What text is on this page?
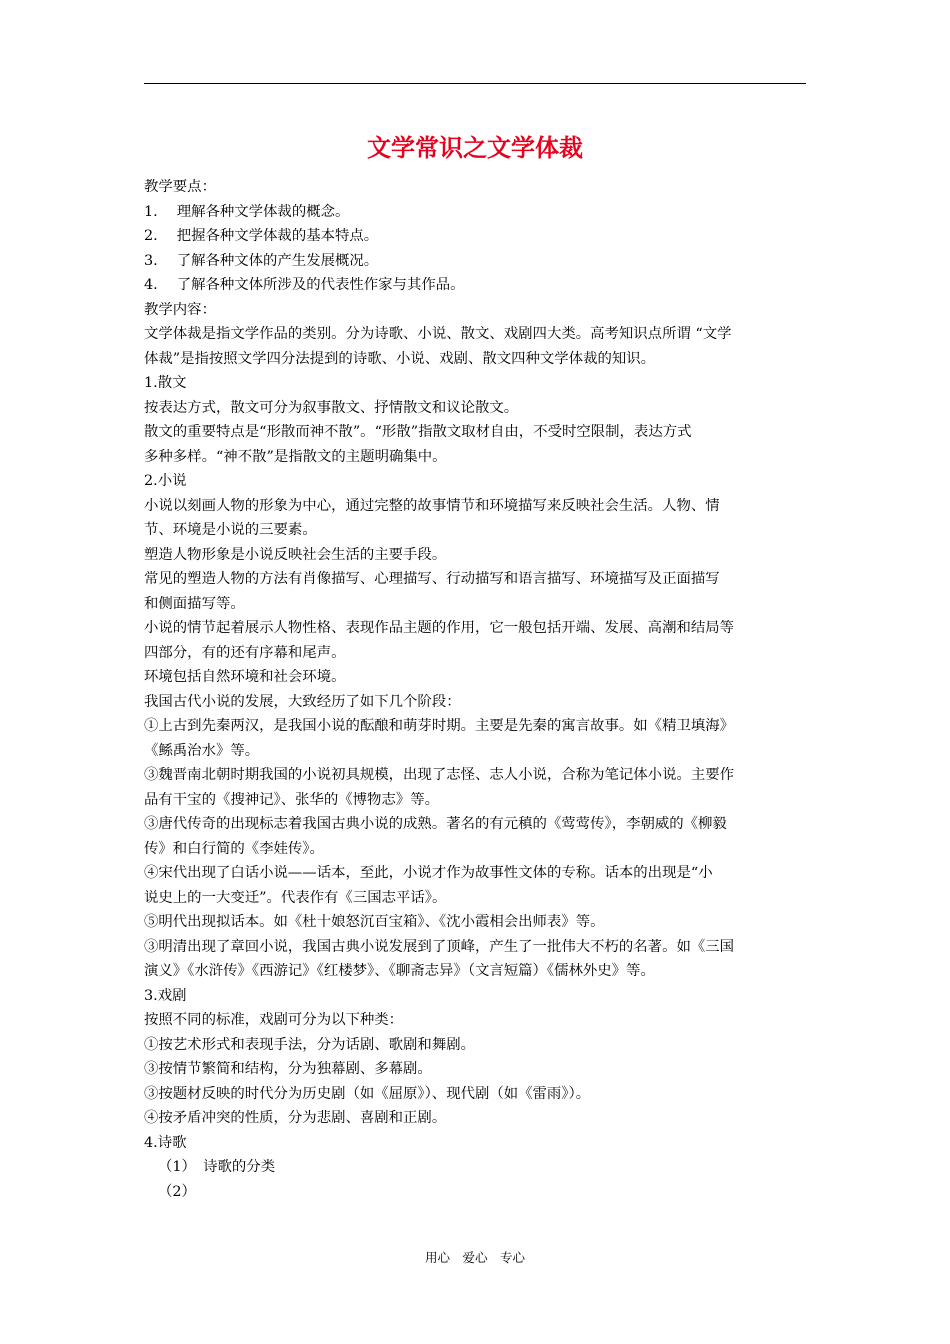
文学常识之文学体裁
教学要点：
1.　 理解各种文学体裁的概念。
2.　 把握各种文学体裁的基本特点。
3.　 了解各种文体的产生发展概况。
4.　 了解各种文体所涉及的代表性作家与其作品。
教学内容：
文学体裁是指文学作品的类别。分为诗歌、小说、散文、戏剧四大类。高考知识点所谓 “文学
体裁”是指按照文学四分法提到的诗歌、小说、戏剧、散文四种文学体裁的知识。
1.散文
按表达方式，散文可分为叙事散文、抒情散文和议论散文。
散文的重要特点是“形散而神不散”。“形散”指散文取材自由，不受时空限制，表达方式
多种多样。“神不散”是指散文的主题明确集中。
2.小说
小说以刻画人物的形象为中心，通过完整的故事情节和环境描写来反映社会生活。人物、情
节、环境是小说的三要素。
塑造人物形象是小说反映社会生活的主要手段。
常见的塑造人物的方法有肖像描写、心理描写、行动描写和语言描写、环境描写及正面描写
和侧面描写等。
小说的情节起着展示人物性格、表现作品主题的作用，它一般包括开端、发展、高潮和结局等
四部分，有的还有序幕和尾声。
环境包括自然环境和社会环境。
我国古代小说的发展，大致经历了如下几个阶段：
①上古到先秦两汉，是我国小说的酝酿和萌芽时期。主要是先秦的寓言故事。如《精卫填海》
《鲧禹治水》等。
③魏晋南北朝时期我国的小说初具规模，出现了志怪、志人小说，合称为笔记体小说。主要作
品有干宝的《搜神记》、张华的《博物志》等。
③唐代传奇的出现标志着我国古典小说的成熟。著名的有元稹的《莺莺传》，李朝威的《柳毅
传》和白行简的《李娃传》。
④宋代出现了白话小说——话本，至此，小说才作为故事性文体的专称。话本的出现是“小
说史上的一大变迁”。代表作有《三国志平话》。
⑤明代出现拟话本。如《杜十娘怒沉百宝箱》、《沈小霞相会出师表》等。
③明清出现了章回小说，我国古典小说发展到了顶峰，产生了一批伟大不朽的名著。如《三国
演义》《水浒传》《西游记》《红楼梦》、《聊斋志异》（文言短篇）《儒林外史》等。
3.戏剧
按照不同的标准，戏剧可分为以下种类：
①按艺术形式和表现手法，分为话剧、歌剧和舞剧。
③按情节繁简和结构，分为独幕剧、多幕剧。
③按题材反映的时代分为历史剧（如《屈原》）、现代剧（如《雷雨》）。
④按矛盾冲突的性质，分为悲剧、喜剧和正剧。
4.诗歌
（1）　诗歌的分类
（2）
用心　爱心　专心
